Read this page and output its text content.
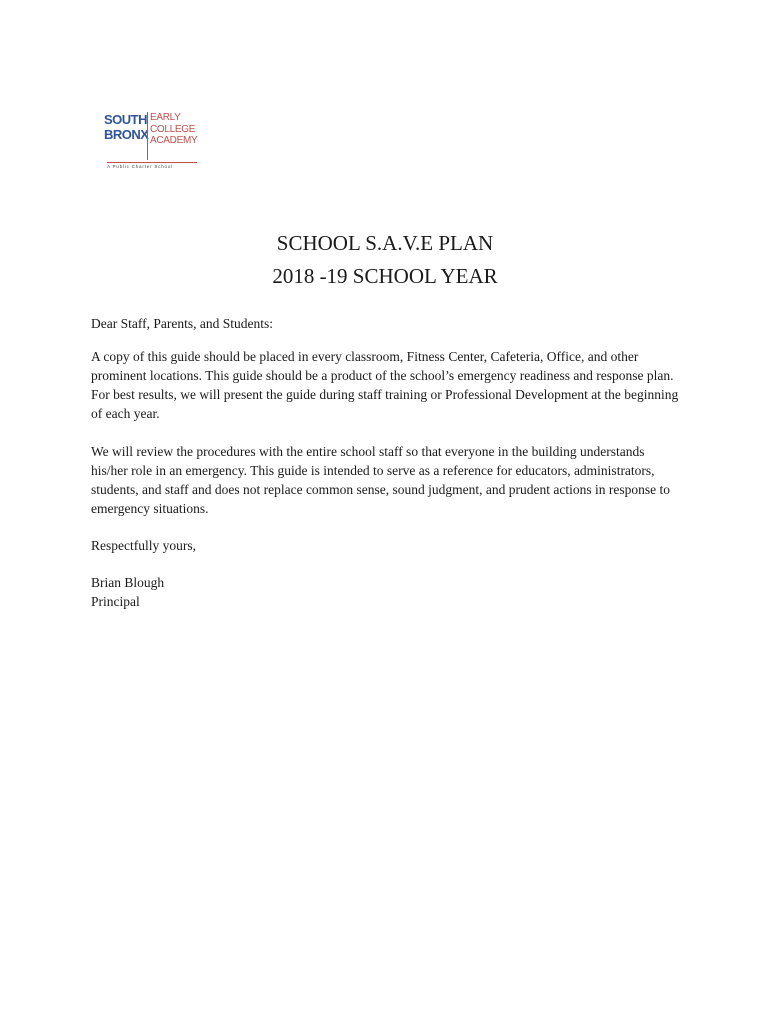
SOUTH
BRONX
EARLY
COLLEGE
ACADEMY
A Public Charter School
SCHOOL S.A.V.E PLAN
2018 -19 SCHOOL YEAR

Dear Staff, Parents, and Students:

A copy of this guide should be placed in every classroom, Fitness Center, Cafeteria, Office, and other prominent locations. This guide should be a product of the school’s emergency readiness and response plan. For best results, we will present the guide during staff training or Professional Development at the beginning of each year.

We will review the procedures with the entire school staff so that everyone in the building understands his/her role in an emergency. This guide is intended to serve as a reference for educators, administrators, students, and staff and does not replace common sense, sound judgment, and prudent actions in response to emergency situations.

Respectfully yours,

Brian Blough

Principal
